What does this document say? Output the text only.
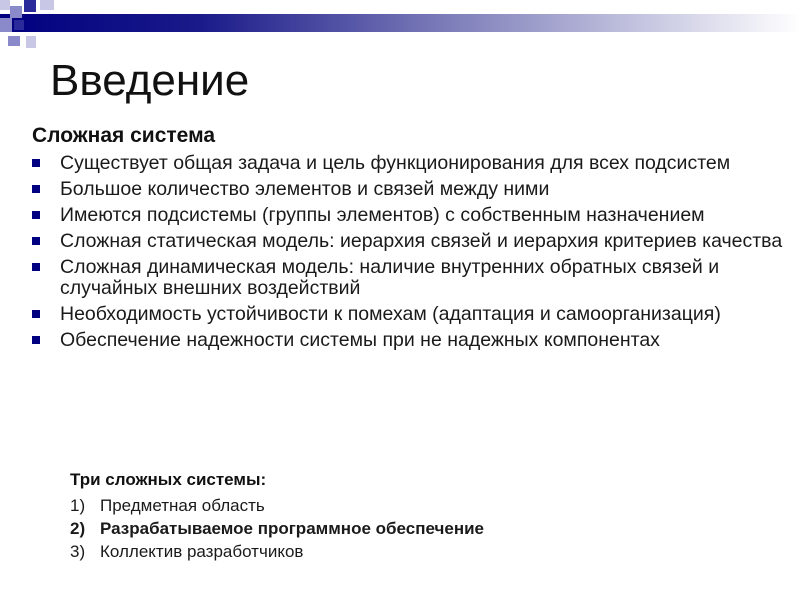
Введение
Сложная система
Существует общая задача и цель функционирования для всех подсистем
Большое количество элементов и связей между ними
Имеются подсистемы (группы элементов) с собственным назначением
Сложная статическая модель: иерархия связей и иерархия критериев качества
Сложная динамическая модель: наличие внутренних обратных связей и случайных внешних воздействий
Необходимость устойчивости к помехам (адаптация и самоорганизация)
Обеспечение надежности системы при не надежных компонентах
Три сложных системы:
1) Предметная область
2) Разрабатываемое программное обеспечение
3) Коллектив разработчиков
